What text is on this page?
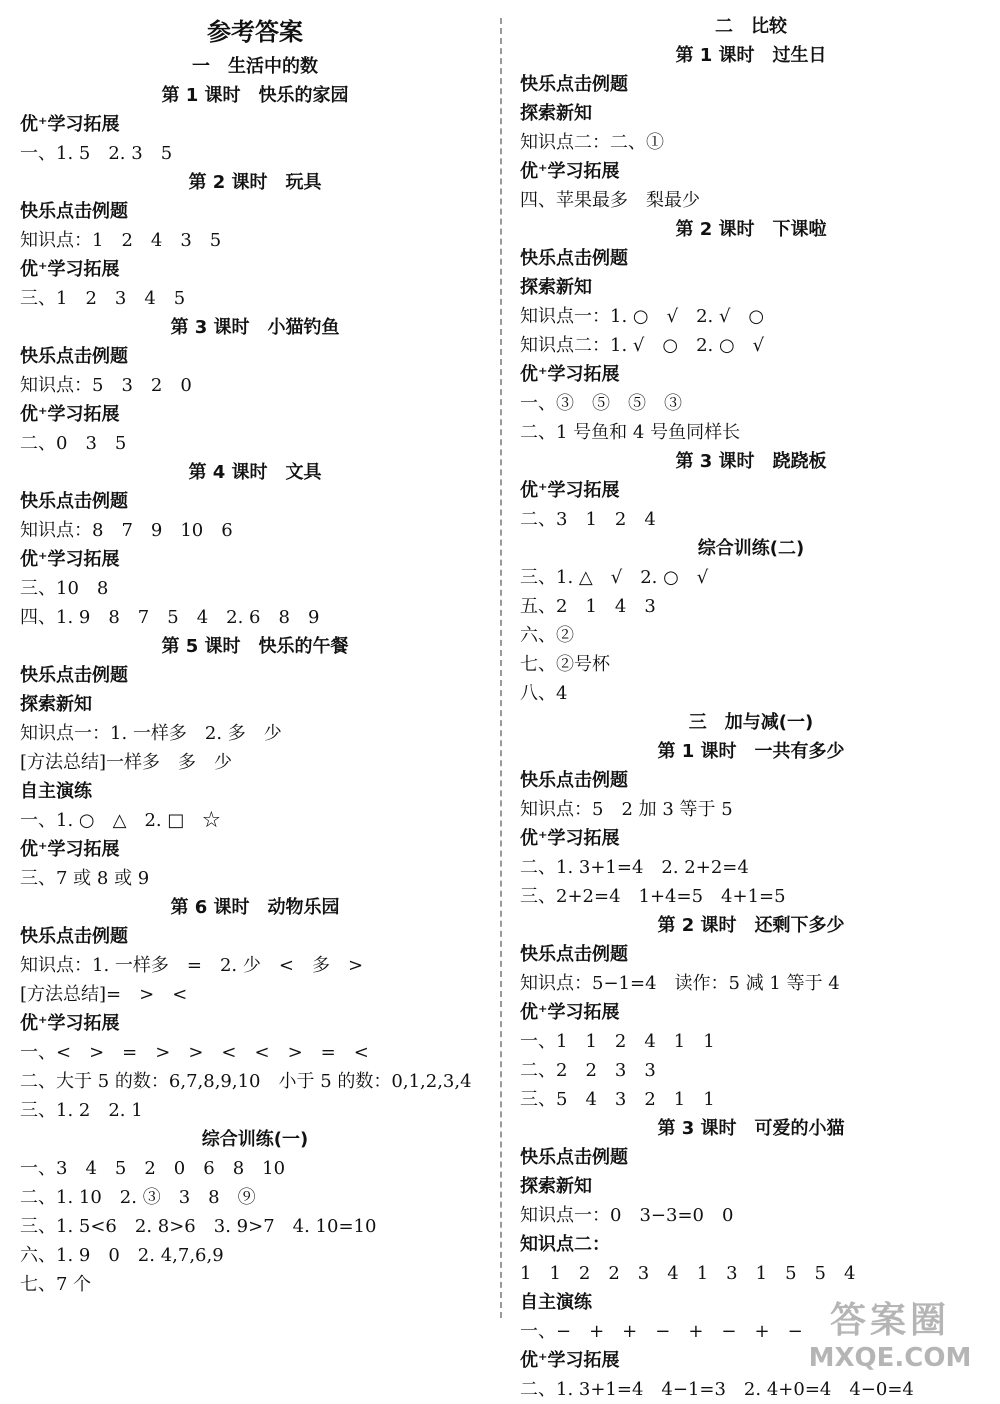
参考答案
一　生活中的数
第 1 课时　快乐的家园
优⁺学习拓展
一、1. 5　2. 3　5
第 2 课时　玩具
快乐点击例题
知识点：1　2　4　3　5
优⁺学习拓展
三、1　2　3　4　5
第 3 课时　小猫钓鱼
快乐点击例题
知识点：5　3　2　0
优⁺学习拓展
二、0　3　5
第 4 课时　文具
快乐点击例题
知识点：8　7　9　10　6
优⁺学习拓展
三、10　8
四、1. 9　8　7　5　4　2. 6　8　9
第 5 课时　快乐的午餐
快乐点击例题
探索新知
知识点一：1. 一样多　2. 多　少
[方法总结]一样多　多　少
自主演练
一、1. ○　△　2. □　☆
优⁺学习拓展
三、7 或 8 或 9
第 6 课时　动物乐园
快乐点击例题
知识点：1. 一样多　=　2. 少　<　多　>
[方法总结]=　>　<
优⁺学习拓展
一、<　>　=　>　>　<　<　>　=　<
二、大于 5 的数：6,7,8,9,10　小于 5 的数：0,1,2,3,4
三、1. 2　2. 1
综合训练(一)
一、3　4　5　2　0　6　8　10
二、1. 10　2. ③　3　8　⑨
三、1. 5<6　2. 8>6　3. 9>7　4. 10=10
六、1. 9　0　2. 4,7,6,9
七、7 个
二　比较
第 1 课时　过生日
快乐点击例题
探索新知
知识点二：二、①
优⁺学习拓展
四、苹果最多　梨最少
第 2 课时　下课啦
快乐点击例题
探索新知
知识点一：1. ○　√　2. √　○
知识点二：1. √　○　2. ○　√
优⁺学习拓展
一、③　⑤　⑤　③
二、1 号鱼和 4 号鱼同样长
第 3 课时　跷跷板
优⁺学习拓展
二、3　1　2　4
综合训练(二)
三、1. △　√　2. ○　√
五、2　1　4　3
六、②
七、②号杯
八、4
三　加与减(一)
第 1 课时　一共有多少
快乐点击例题
知识点：5　2 加 3 等于 5
优⁺学习拓展
二、1. 3+1=4　2. 2+2=4
三、2+2=4　1+4=5　4+1=5
第 2 课时　还剩下多少
快乐点击例题
知识点：5−1=4　读作：5 减 1 等于 4
优⁺学习拓展
一、1　1　2　4　1　1
二、2　2　3　3
三、5　4　3　2　1　1
第 3 课时　可爱的小猫
快乐点击例题
探索新知
知识点一：0　3−3=0　0
知识点二：
1　1　2　2　3　4　1　3　1　5　5　4
自主演练
一、−　+　+　−　+　−　+　−
优⁺学习拓展
二、1. 3+1=4　4−1=3　2. 4+0=4　4−0=4
答案圈
MXQE.COM
